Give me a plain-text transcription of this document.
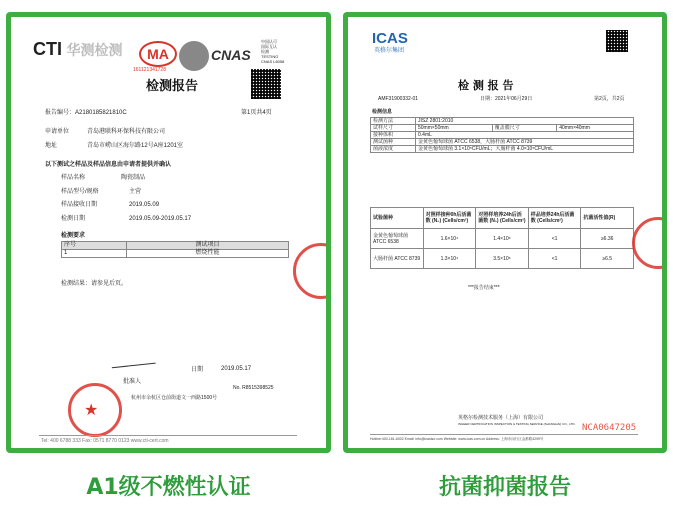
CTI 华测检测	MA
161121341728
CNAS
中国认可
国际互认
检测
TESTING
CNAS L6058
检测报告
报告编号：A2180185821810C	第1页共4页
申请单位	青岛港联科环保科技有限公司
地址	青岛市崂山区海尔路12号A座1201室
以下测试之样品及样品信息由申请者提供并确认
样品名称	陶瓷制品
样品型号/规格	主营
样品接收日期	2019.05.09
检测日期	2019.05.09-2019.05.17
检测要求
序号	测试项目
1	燃烧性能
检测结果：请参见后页。
批准人
日期	2019.05.17
★
No. R8515398525
杭州市余杭区仓前街道文一西路1500号
Tel: 400 6788 333 Fax: 0571 8770 0123 www.cti-cert.com
A1级不燃性认证
ICAS
英格尔集团
检 测 报 告
AMF31900332-01	日期：2021年06月29日	第2页，共2页
检测信息
检测方法	JISZ 2801:2010		
试样尺寸	50mm×50mm	覆盖膜尺寸	40mm×40mm
接种体积	0.4mL		
测试菌种	金黄色葡萄球菌 ATCC 6538，大肠杆菌 ATCC 8739		
菌液浓度	金黄色葡萄球菌 3.1×10⁵CFU/mL；大肠杆菌 4.0×10⁵CFU/mL		
试验菌种	对照样接种0h后活菌数 (N₀) (Cells/cm²)	对照样培养24h后活菌数 (N₁) (Cells/cm²)	样品培养24h后活菌数 (Cells/cm²)	抗菌活性值(R)
金黄色葡萄球菌 ATCC 6538	1.6×10⁴	1.4×10⁶	<1	≥6.36
大肠杆菌 ATCC 8739	1.3×10⁴	3.5×10⁶	<1	≥6.5
***报告结束***
英格尔检测技术服务（上海）有限公司
INGEER CERTIFICATION INSPECTION & TESTING SERVICE (SHANGHAI) CO., LTD. NCA0647205
Hotline:400-161-6002 Email: info@icasiso.com Website: www.icas.com.cn Address: 上海市闵行区金都路4299号
抗菌抑菌报告
